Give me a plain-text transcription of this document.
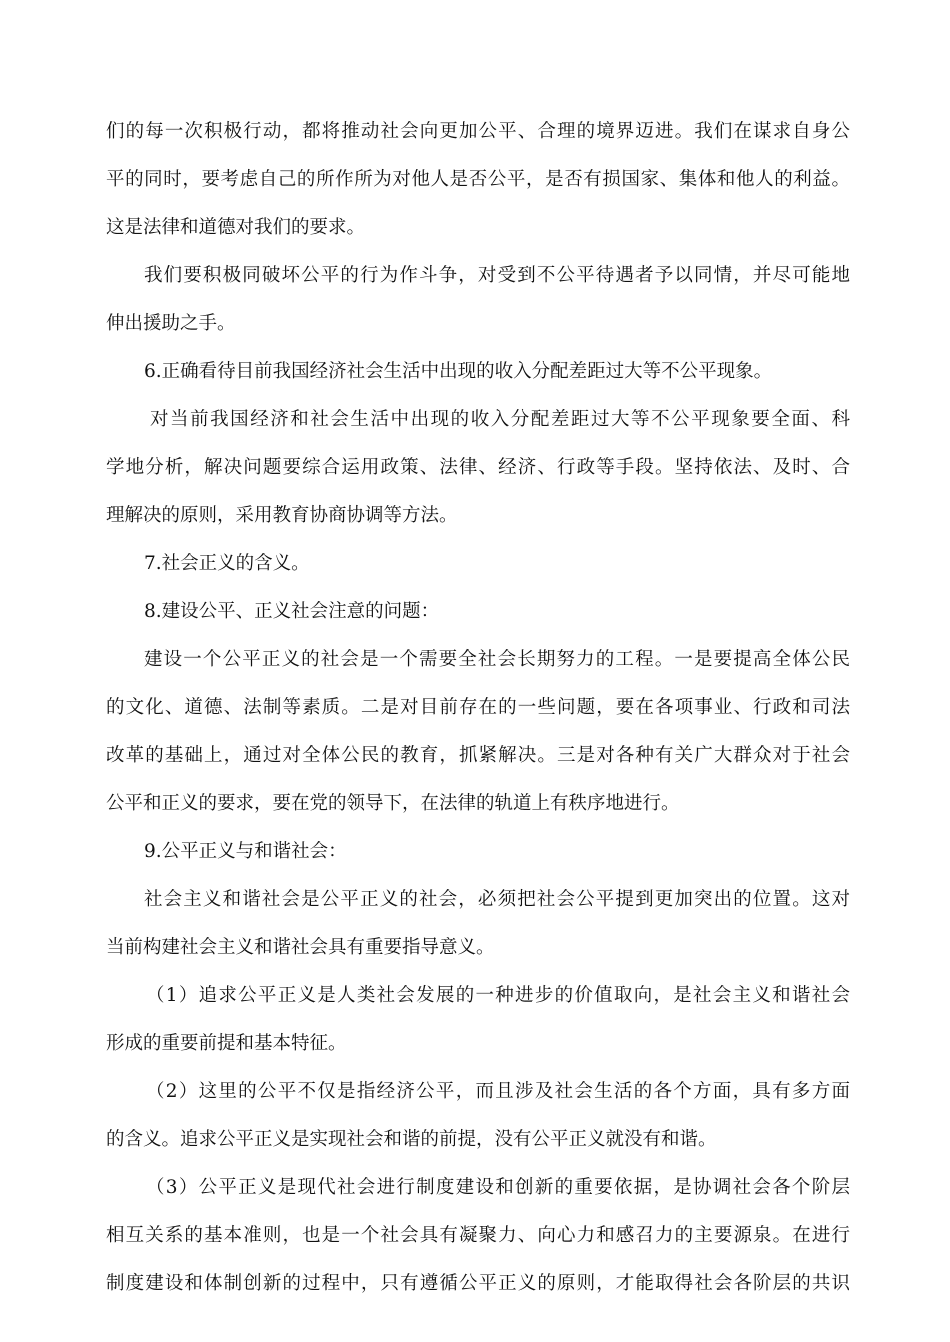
们的每一次积极行动，都将推动社会向更加公平、合理的境界迈进。我们在谋求自身公
平的同时，要考虑自己的所作所为对他人是否公平，是否有损国家、集体和他人的利益。
这是法律和道德对我们的要求。
我们要积极同破坏公平的行为作斗争，对受到不公平待遇者予以同情，并尽可能地
伸出援助之手。
6.正确看待目前我国经济社会生活中出现的收入分配差距过大等不公平现象。
对当前我国经济和社会生活中出现的收入分配差距过大等不公平现象要全面、科
学地分析，解决问题要综合运用政策、法律、经济、行政等手段。坚持依法、及时、合
理解决的原则，采用教育协商协调等方法。
7.社会正义的含义。
8.建设公平、正义社会注意的问题：
建设一个公平正义的社会是一个需要全社会长期努力的工程。一是要提高全体公民
的文化、道德、法制等素质。二是对目前存在的一些问题，要在各项事业、行政和司法
改革的基础上，通过对全体公民的教育，抓紧解决。三是对各种有关广大群众对于社会
公平和正义的要求，要在党的领导下，在法律的轨道上有秩序地进行。
9.公平正义与和谐社会：
社会主义和谐社会是公平正义的社会，必须把社会公平提到更加突出的位置。这对
当前构建社会主义和谐社会具有重要指导意义。
（1）追求公平正义是人类社会发展的一种进步的价值取向，是社会主义和谐社会
形成的重要前提和基本特征。
（2）这里的公平不仅是指经济公平，而且涉及社会生活的各个方面，具有多方面
的含义。追求公平正义是实现社会和谐的前提，没有公平正义就没有和谐。
（3）公平正义是现代社会进行制度建设和创新的重要依据，是协调社会各个阶层
相互关系的基本准则，也是一个社会具有凝聚力、向心力和感召力的主要源泉。在进行
制度建设和体制创新的过程中，只有遵循公平正义的原则，才能取得社会各阶层的共识
